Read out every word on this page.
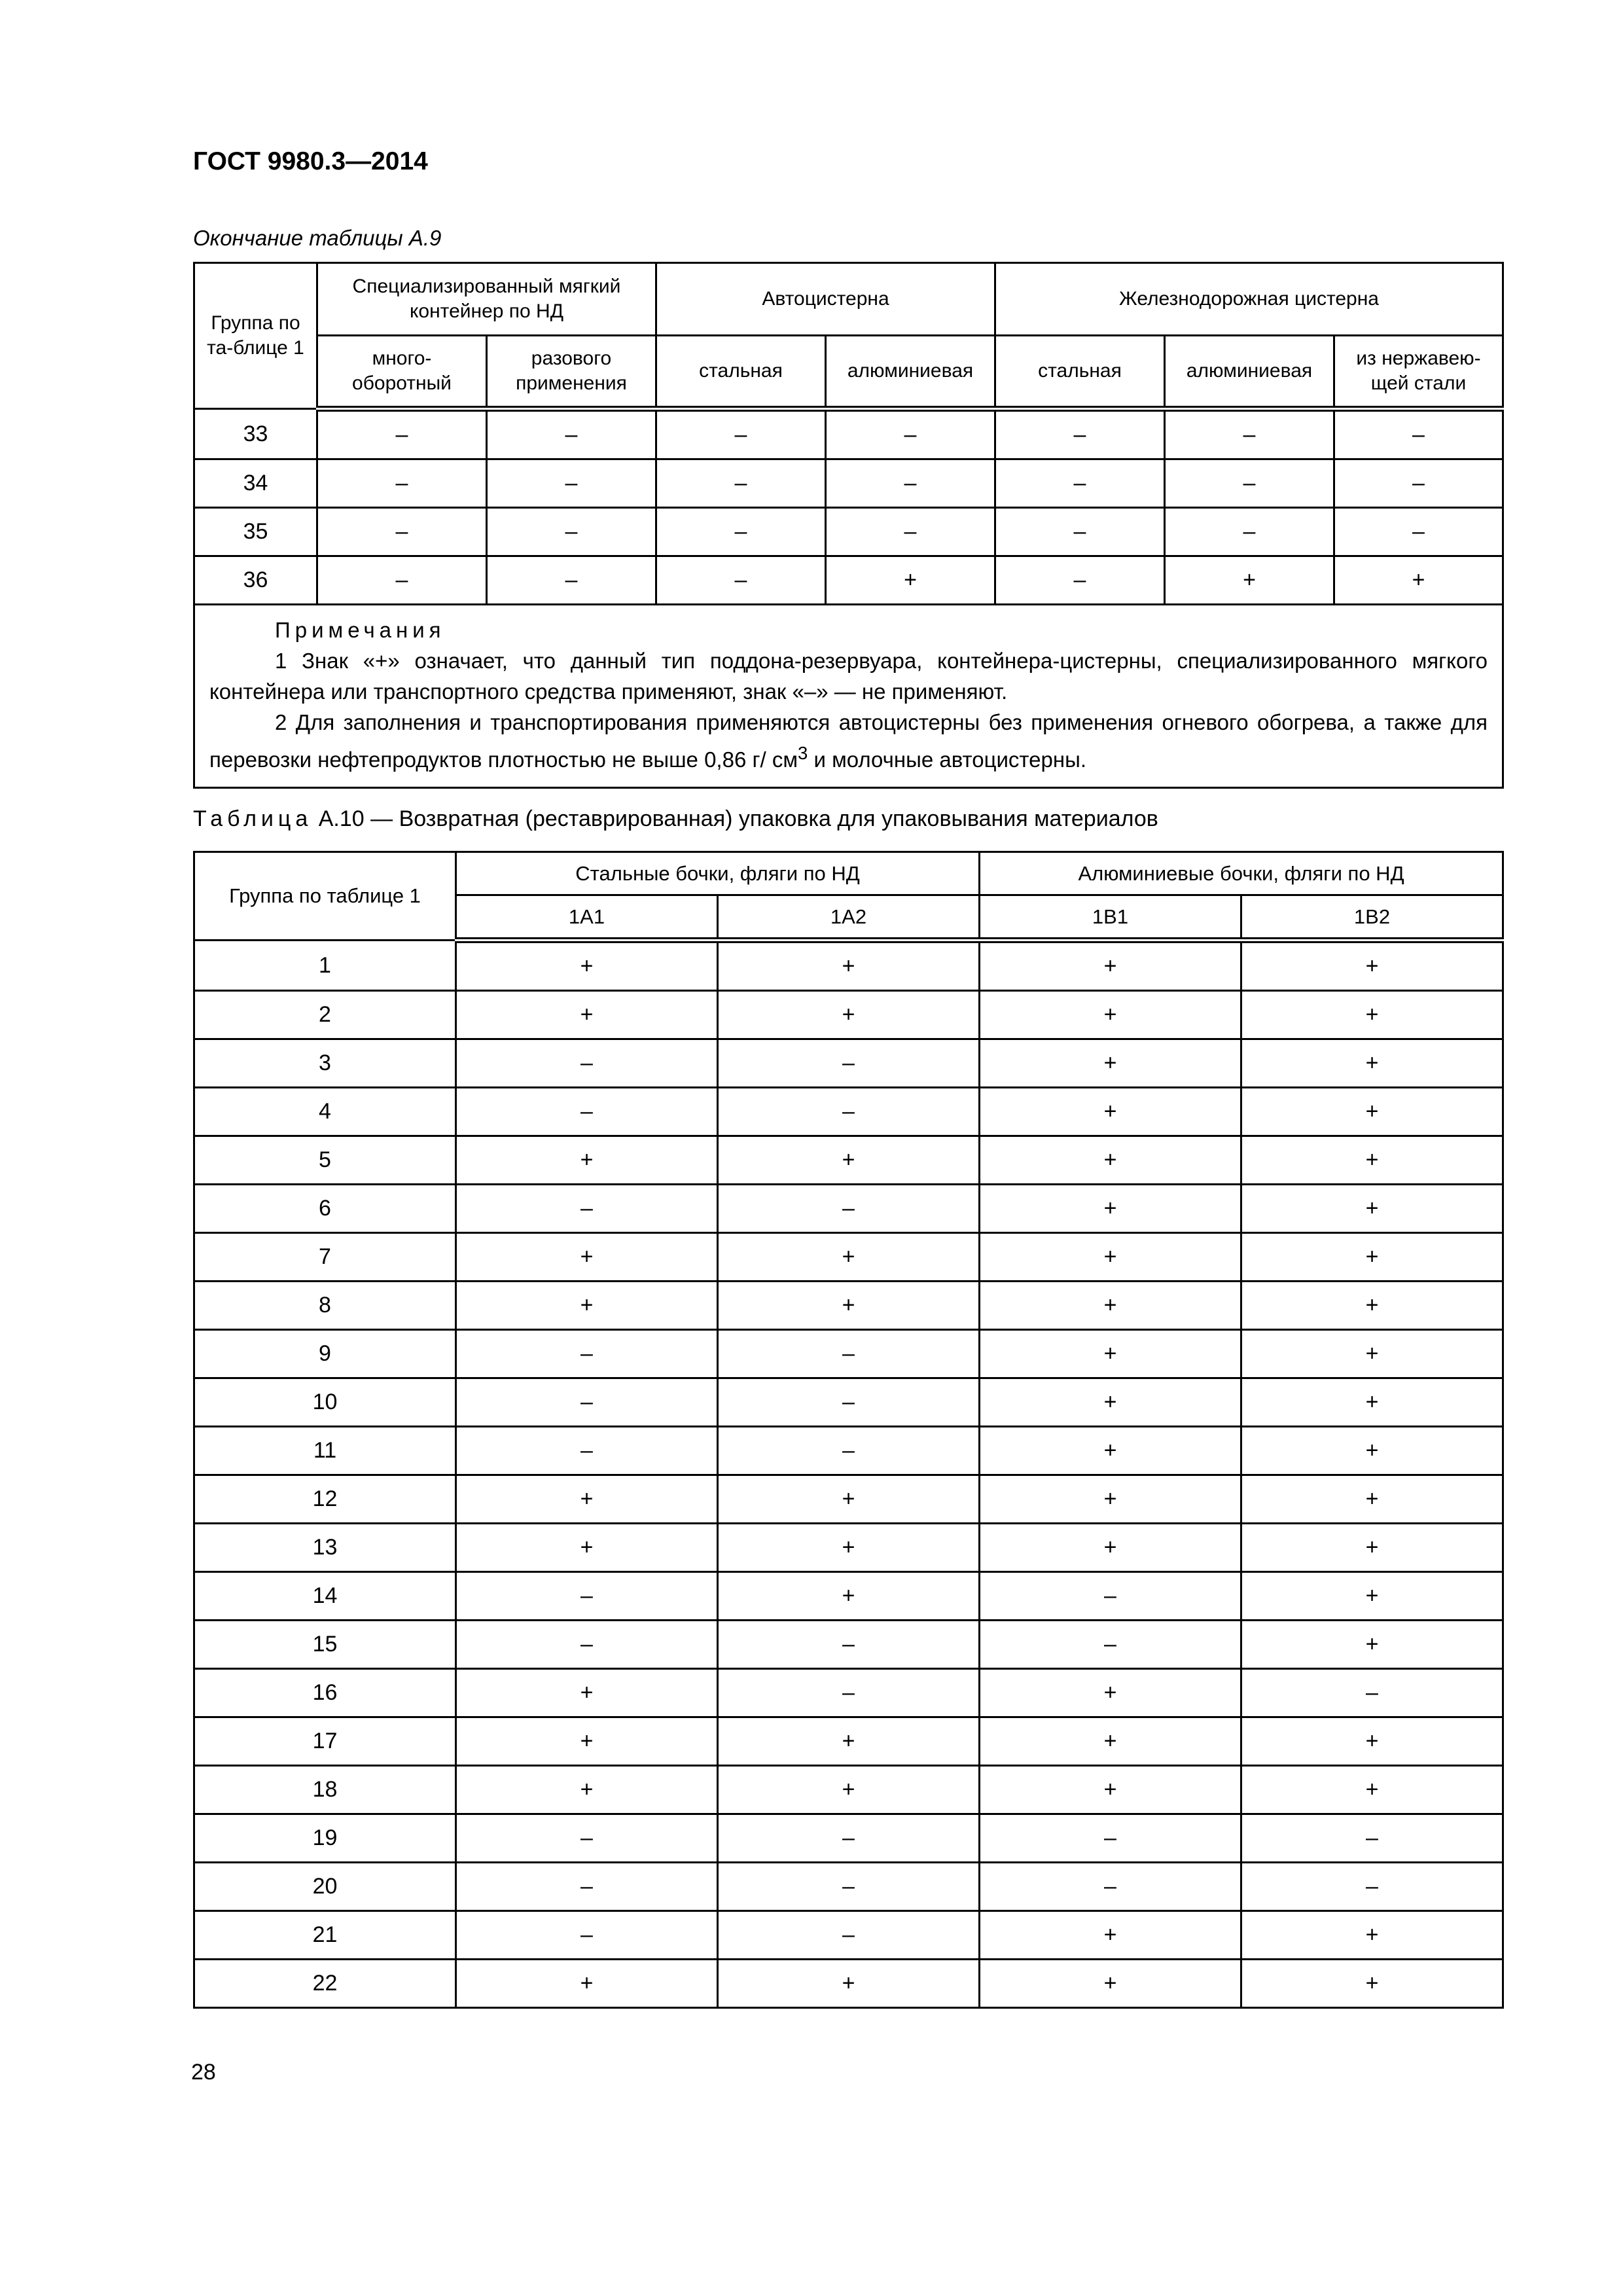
ГОСТ 9980.3—2014
Окончание таблицы А.9
Группа по та-блице 1	Специализированный мягкий контейнер по НД		Автоцистерна		Железнодорожная цистерна		
	много-оборотный	разового применения	стальная	алюминиевая	стальная	алюминиевая	из нержавею-щей стали
33	–	–	–	–	–	–	–
34	–	–	–	–	–	–	–
35	–	–	–	–	–	–	–
36	–	–	–	+	–	+	+

Примечания
1 Знак «+» означает, что данный тип поддона-резервуара, контейнера-цистерны, специализированного мягкого контейнера или транспортного средства применяют, знак «–» — не применяют.
2 Для заполнения и транспортирования применяются автоцистерны без применения огневого обогрева, а также для перевозки нефтепродуктов плотностью не выше 0,86 г/ $см^3$ и молочные автоцистерны.							
Таблица А.10 — Возвратная (реставрированная) упаковка для упаковывания материалов
Группа по таблице 1	Стальные бочки, фляги по НД		Алюминиевые бочки, фляги по НД	
	1А1	1А2	1В1	1В2
1	+	+	+	+
2	+	+	+	+
3	–	–	+	+
4	–	–	+	+
5	+	+	+	+
6	–	–	+	+
7	+	+	+	+
8	+	+	+	+
9	–	–	+	+
10	–	–	+	+
11	–	–	+	+
12	+	+	+	+
13	+	+	+	+
14	–	+	–	+
15	–	–	–	+
16	+	–	+	–
17	+	+	+	+
18	+	+	+	+
19	–	–	–	–
20	–	–	–	–
21	–	–	+	+
22	+	+	+	+
28
